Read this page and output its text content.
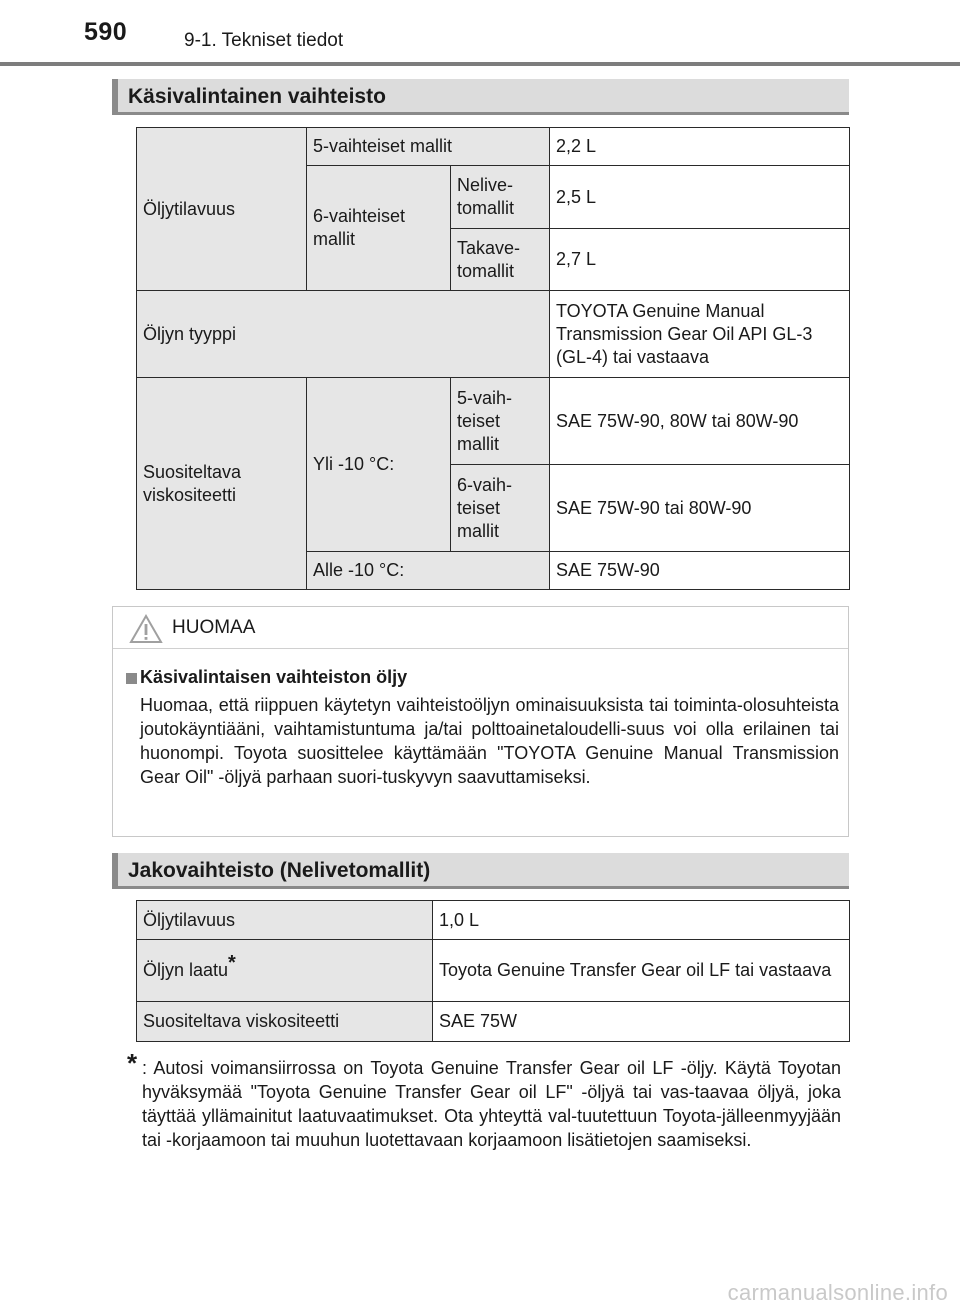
590	9-1. Tekniset tiedot
Käsivalintainen vaihteisto
Öljytilavuus	5-vaihteiset mallit		2,2 L
	6-vaihteiset mallit	Nelive-tomallit	2,5 L
		Takave-tomallit	2,7 L
Öljyn tyyppi			TOYOTA Genuine Manual Transmission Gear Oil API GL-3 (GL-4) tai vastaava
Suositeltava viskositeetti	Yli -10 °C:	5-vaih-teiset mallit	SAE 75W-90, 80W tai 80W-90
		6-vaih-teiset mallit	SAE 75W-90 tai 80W-90
	Alle -10 °C:		SAE 75W-90
HUOMAA
Käsivalintaisen vaihteiston öljy
Huomaa, että riippuen käytetyn vaihteistoöljyn ominaisuuksista tai toiminta-olosuhteista joutokäyntiääni, vaihtamistuntuma ja/tai polttoainetaloudelli-suus voi olla erilainen tai huonompi. Toyota suosittelee käyttämään "TOYOTA Genuine Manual Transmission Gear Oil" -öljyä parhaan suori-tuskyvyn saavuttamiseksi.
Jakovaihteisto (Nelivetomallit)
Öljytilavuus	1,0 L
Öljyn laatu*	Toyota Genuine Transfer Gear oil LF tai vastaava
Suositeltava viskositeetti	SAE 75W
* : Autosi voimansiirrossa on Toyota Genuine Transfer Gear oil LF -öljy. Käytä Toyotan hyväksymää "Toyota Genuine Transfer Gear oil LF" -öljyä tai vas-taavaa öljyä, joka täyttää yllämainitut laatuvaatimukset. Ota yhteyttä val-tuutettuun Toyota-jälleenmyyjään tai -korjaamoon tai muuhun luotettavaan korjaamoon lisätietojen saamiseksi.
carmanualsonline.info
